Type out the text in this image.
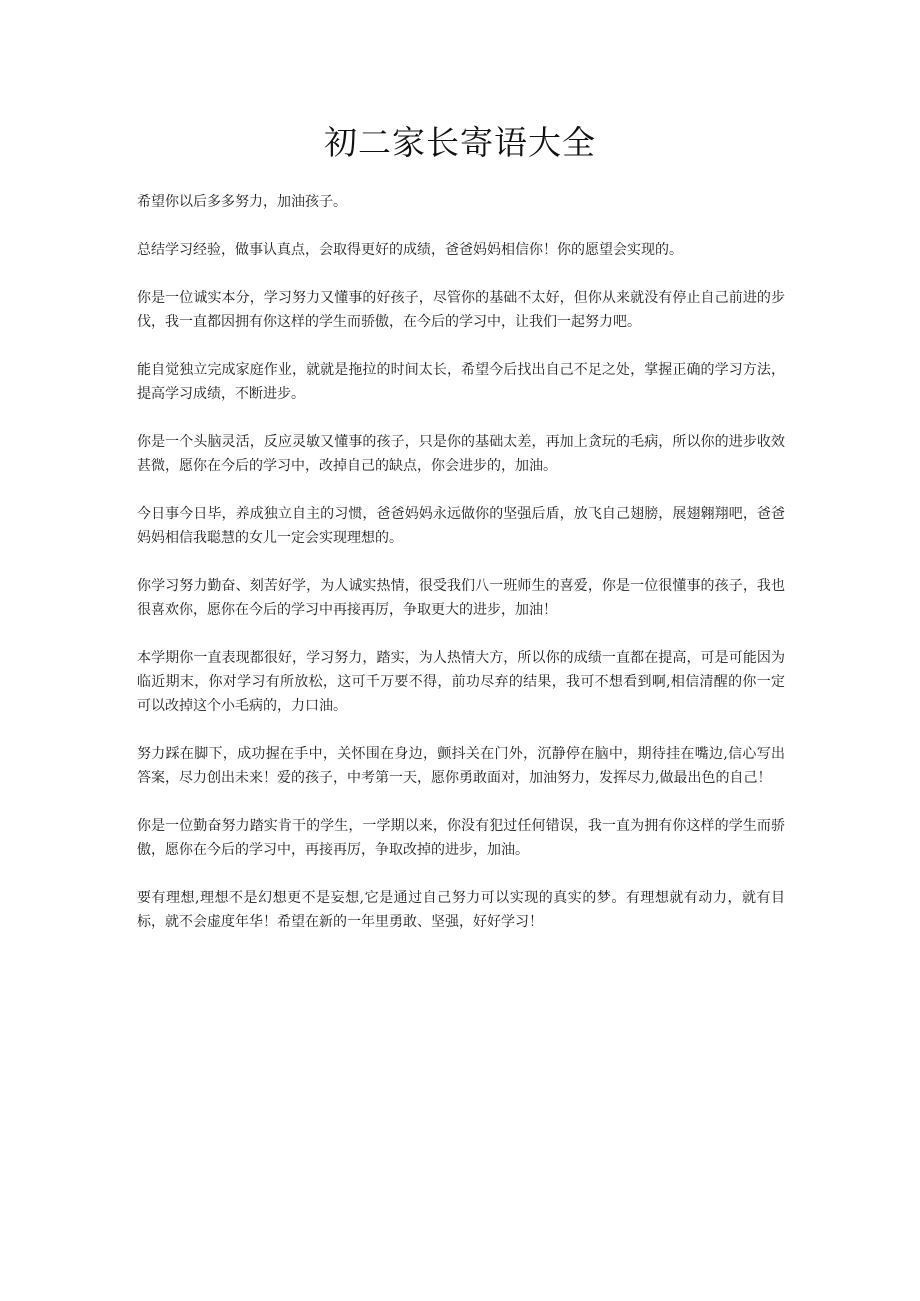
初二家长寄语大全

希望你以后多多努力，加油孩子。

总结学习经验，做事认真点，会取得更好的成绩，爸爸妈妈相信你！你的愿望会实现的。

你是一位诚实本分，学习努力又懂事的好孩子，尽管你的基础不太好，但你从来就没有停止自己前进的步伐，我一直都因拥有你这样的学生而骄傲，在今后的学习中，让我们一起努力吧。

能自觉独立完成家庭作业，就就是拖拉的时间太长，希望今后找出自己不足之处，掌握正确的学习方法，提高学习成绩，不断进步。

你是一个头脑灵活，反应灵敏又懂事的孩子，只是你的基础太差，再加上贪玩的毛病，所以你的进步收效甚微，愿你在今后的学习中，改掉自己的缺点，你会进步的，加油。

今日事今日毕，养成独立自主的习惯，爸爸妈妈永远做你的坚强后盾，放飞自己翅膀，展翅翱翔吧，爸爸妈妈相信我聪慧的女儿一定会实现理想的。

你学习努力勤奋、刻苦好学，为人诚实热情，很受我们八一班师生的喜爱，你是一位很懂事的孩子，我也很喜欢你，愿你在今后的学习中再接再厉，争取更大的进步，加油！

本学期你一直表现都很好，学习努力，踏实，为人热情大方，所以你的成绩一直都在提高，可是可能因为临近期末，你对学习有所放松，这可千万要不得，前功尽弃的结果，我可不想看到啊,相信清醒的你一定可以改掉这个小毛病的，力口油。

努力踩在脚下，成功握在手中，关怀围在身边，颤抖关在门外，沉静停在脑中，期待挂在嘴边,信心写出答案，尽力创出未来！爱的孩子，中考第一天，愿你勇敢面对，加油努力，发挥尽力,做最出色的自己！

你是一位勤奋努力踏实肯干的学生，一学期以来，你没有犯过任何错误，我一直为拥有你这样的学生而骄傲，愿你在今后的学习中，再接再厉，争取改掉的进步，加油。

要有理想,理想不是幻想更不是妄想,它是通过自己努力可以实现的真实的梦。有理想就有动力，就有目标，就不会虚度年华！希望在新的一年里勇敢、坚强，好好学习！
